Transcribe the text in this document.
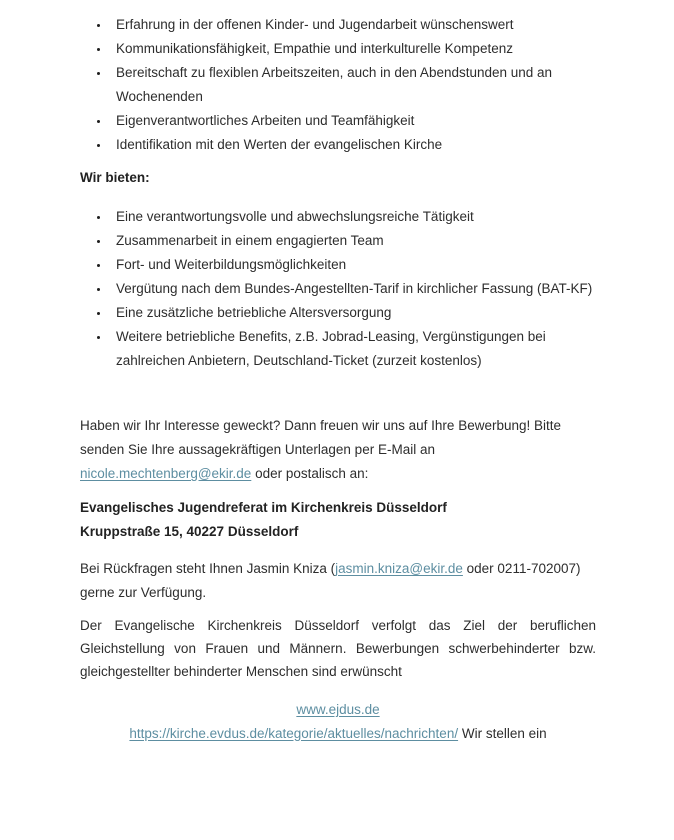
• Erfahrung in der offenen Kinder- und Jugendarbeit wünschenswert
• Kommunikationsfähigkeit, Empathie und interkulturelle Kompetenz
• Bereitschaft zu flexiblen Arbeitszeiten, auch in den Abendstunden und an Wochenenden
• Eigenverantwortliches Arbeiten und Teamfähigkeit
• Identifikation mit den Werten der evangelischen Kirche

Wir bieten:

• Eine verantwortungsvolle und abwechslungsreiche Tätigkeit
• Zusammenarbeit in einem engagierten Team
• Fort- und Weiterbildungsmöglichkeiten
• Vergütung nach dem Bundes-Angestellten-Tarif in kirchlicher Fassung (BAT-KF)
• Eine zusätzliche betriebliche Altersversorgung
• Weitere betriebliche Benefits, z.B. Jobrad-Leasing, Vergünstigungen bei zahlreichen Anbietern, Deutschland-Ticket (zurzeit kostenlos)

Haben wir Ihr Interesse geweckt? Dann freuen wir uns auf Ihre Bewerbung! Bitte senden Sie Ihre aussagekräftigen Unterlagen per E-Mail an nicole.mechtenberg@ekir.de oder postalisch an:

Evangelisches Jugendreferat im Kirchenkreis Düsseldorf
Kruppstraße 15, 40227 Düsseldorf

Bei Rückfragen steht Ihnen Jasmin Kniza (jasmin.kniza@ekir.de oder 0211-702007) gerne zur Verfügung.

Der Evangelische Kirchenkreis Düsseldorf verfolgt das Ziel der beruflichen Gleichstellung von Frauen und Männern. Bewerbungen schwerbehinderter bzw. gleichgestellter behinderter Menschen sind erwünscht

www.ejdus.de
https://kirche.evdus.de/kategorie/aktuelles/nachrichten/ Wir stellen ein
